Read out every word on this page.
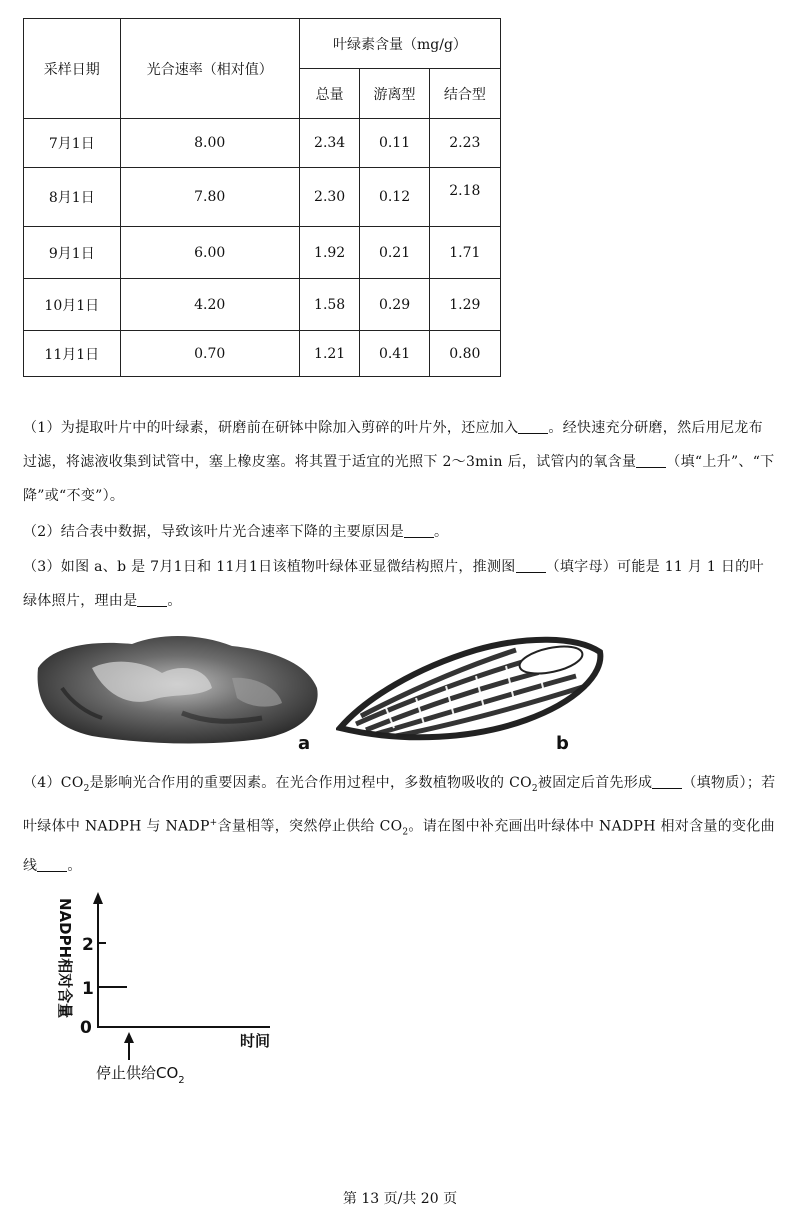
采样日期	光合速率（相对值）	叶绿素含量（mg/g）		
		总量	游离型	结合型
7月1日	8.00	2.34	0.11	2.23
8月1日	7.80	2.30	0.12	2.18
9月1日	6.00	1.92	0.21	1.71
10月1日	4.20	1.58	0.29	1.29
11月1日	0.70	1.21	0.41	0.80
（1）为提取叶片中的叶绿素，研磨前在研钵中除加入剪碎的叶片外，还应加入 。经快速充分研磨，然后用尼龙布过滤，将滤液收集到试管中，塞上橡皮塞。将其置于适宜的光照下 2～3min 后，试管内的氧含量 （填“上升”、“下降”或“不变”）。
（2）结合表中数据，导致该叶片光合速率下降的主要原因是 。
（3）如图 a、b 是 7月1日和 11月1日该植物叶绿体亚显微结构照片，推测图 （填字母）可能是 11 月 1 日的叶绿体照片，理由是 。
a	b
$(4)CO_2$是影响光合作用的重要因素。在光合作用过程中，多数植物吸收的 $CO_2$被固定后首先形成 （填物质）；若叶绿体中 NADPH 与 NADP+含量相等，突然停止供给 $CO_2$。请在图中补充画出叶绿体中 NADPH 相对含量的变化曲线 。
2
1
0
NADPH相对含量
时间
停止供给$CO_2$
第 13 页/共 20 页
